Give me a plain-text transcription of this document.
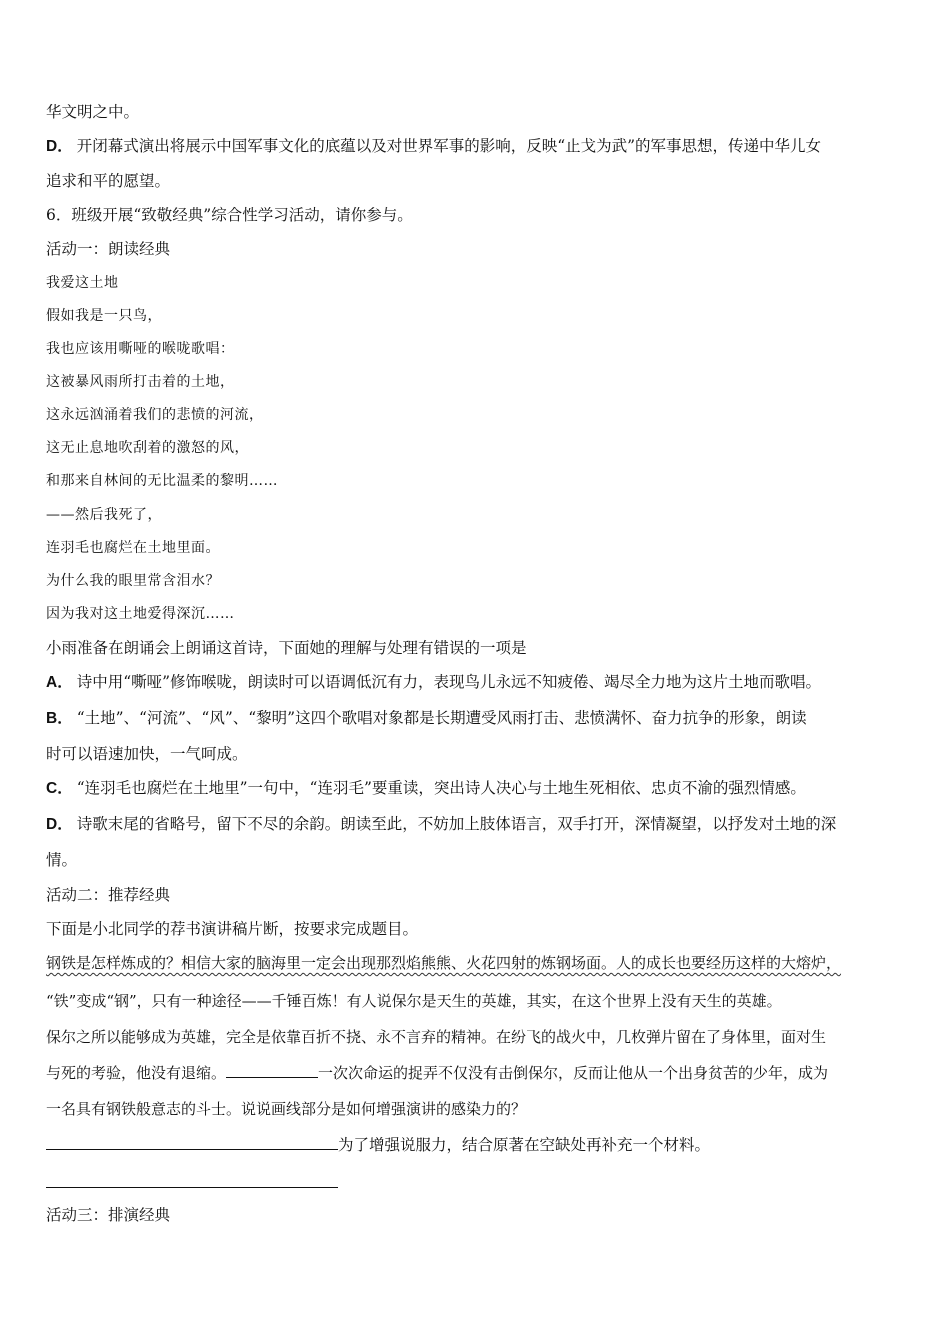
华文明之中。
D． 开闭幕式演出将展示中国军事文化的底蕴以及对世界军事的影响，反映“止戈为武”的军事思想，传递中华儿女
追求和平的愿望。
6．班级开展“致敬经典”综合性学习活动，请你参与。
活动一：朗读经典
我爱这土地
假如我是一只鸟，
我也应该用嘶哑的喉咙歌唱：
这被暴风雨所打击着的土地，
这永远汹涌着我们的悲愤的河流，
这无止息地吹刮着的激怒的风，
和那来自林间的无比温柔的黎明……
——然后我死了，
连羽毛也腐烂在土地里面。
为什么我的眼里常含泪水？
因为我对这土地爱得深沉……
小雨准备在朗诵会上朗诵这首诗，下面她的理解与处理有错误的一项是
A． 诗中用“嘶哑”修饰喉咙，朗读时可以语调低沉有力，表现鸟儿永远不知疲倦、竭尽全力地为这片土地而歌唱。
B． “土地”、“河流”、“风”、“黎明”这四个歌唱对象都是长期遭受风雨打击、悲愤满怀、奋力抗争的形象，朗读
时可以语速加快，一气呵成。
C． “连羽毛也腐烂在土地里”一句中，“连羽毛”要重读，突出诗人决心与土地生死相依、忠贞不渝的强烈情感。
D． 诗歌末尾的省略号，留下不尽的余韵。朗读至此，不妨加上肢体语言，双手打开，深情凝望，以抒发对土地的深
情。
活动二：推荐经典
下面是小北同学的荐书演讲稿片断，按要求完成题目。
钢铁是怎样炼成的？相信大家的脑海里一定会出现那烈焰熊熊、火花四射的炼钢场面。人的成长也要经历这样的大熔炉，
“铁”变成“钢”，只有一种途径——千锤百炼！有人说保尔是天生的英雄，其实，在这个世界上没有天生的英雄。
保尔之所以能够成为英雄，完全是依靠百折不挠、永不言弃的精神。在纷飞的战火中，几枚弹片留在了身体里，面对生
与死的考验，他没有退缩。	一次次命运的捉弄不仅没有击倒保尔，反而让他从一个出身贫苦的少年，成为
一名具有钢铁般意志的斗士。说说画线部分是如何增强演讲的感染力的？
为了增强说服力，结合原著在空缺处再补充一个材料。
活动三：排演经典
